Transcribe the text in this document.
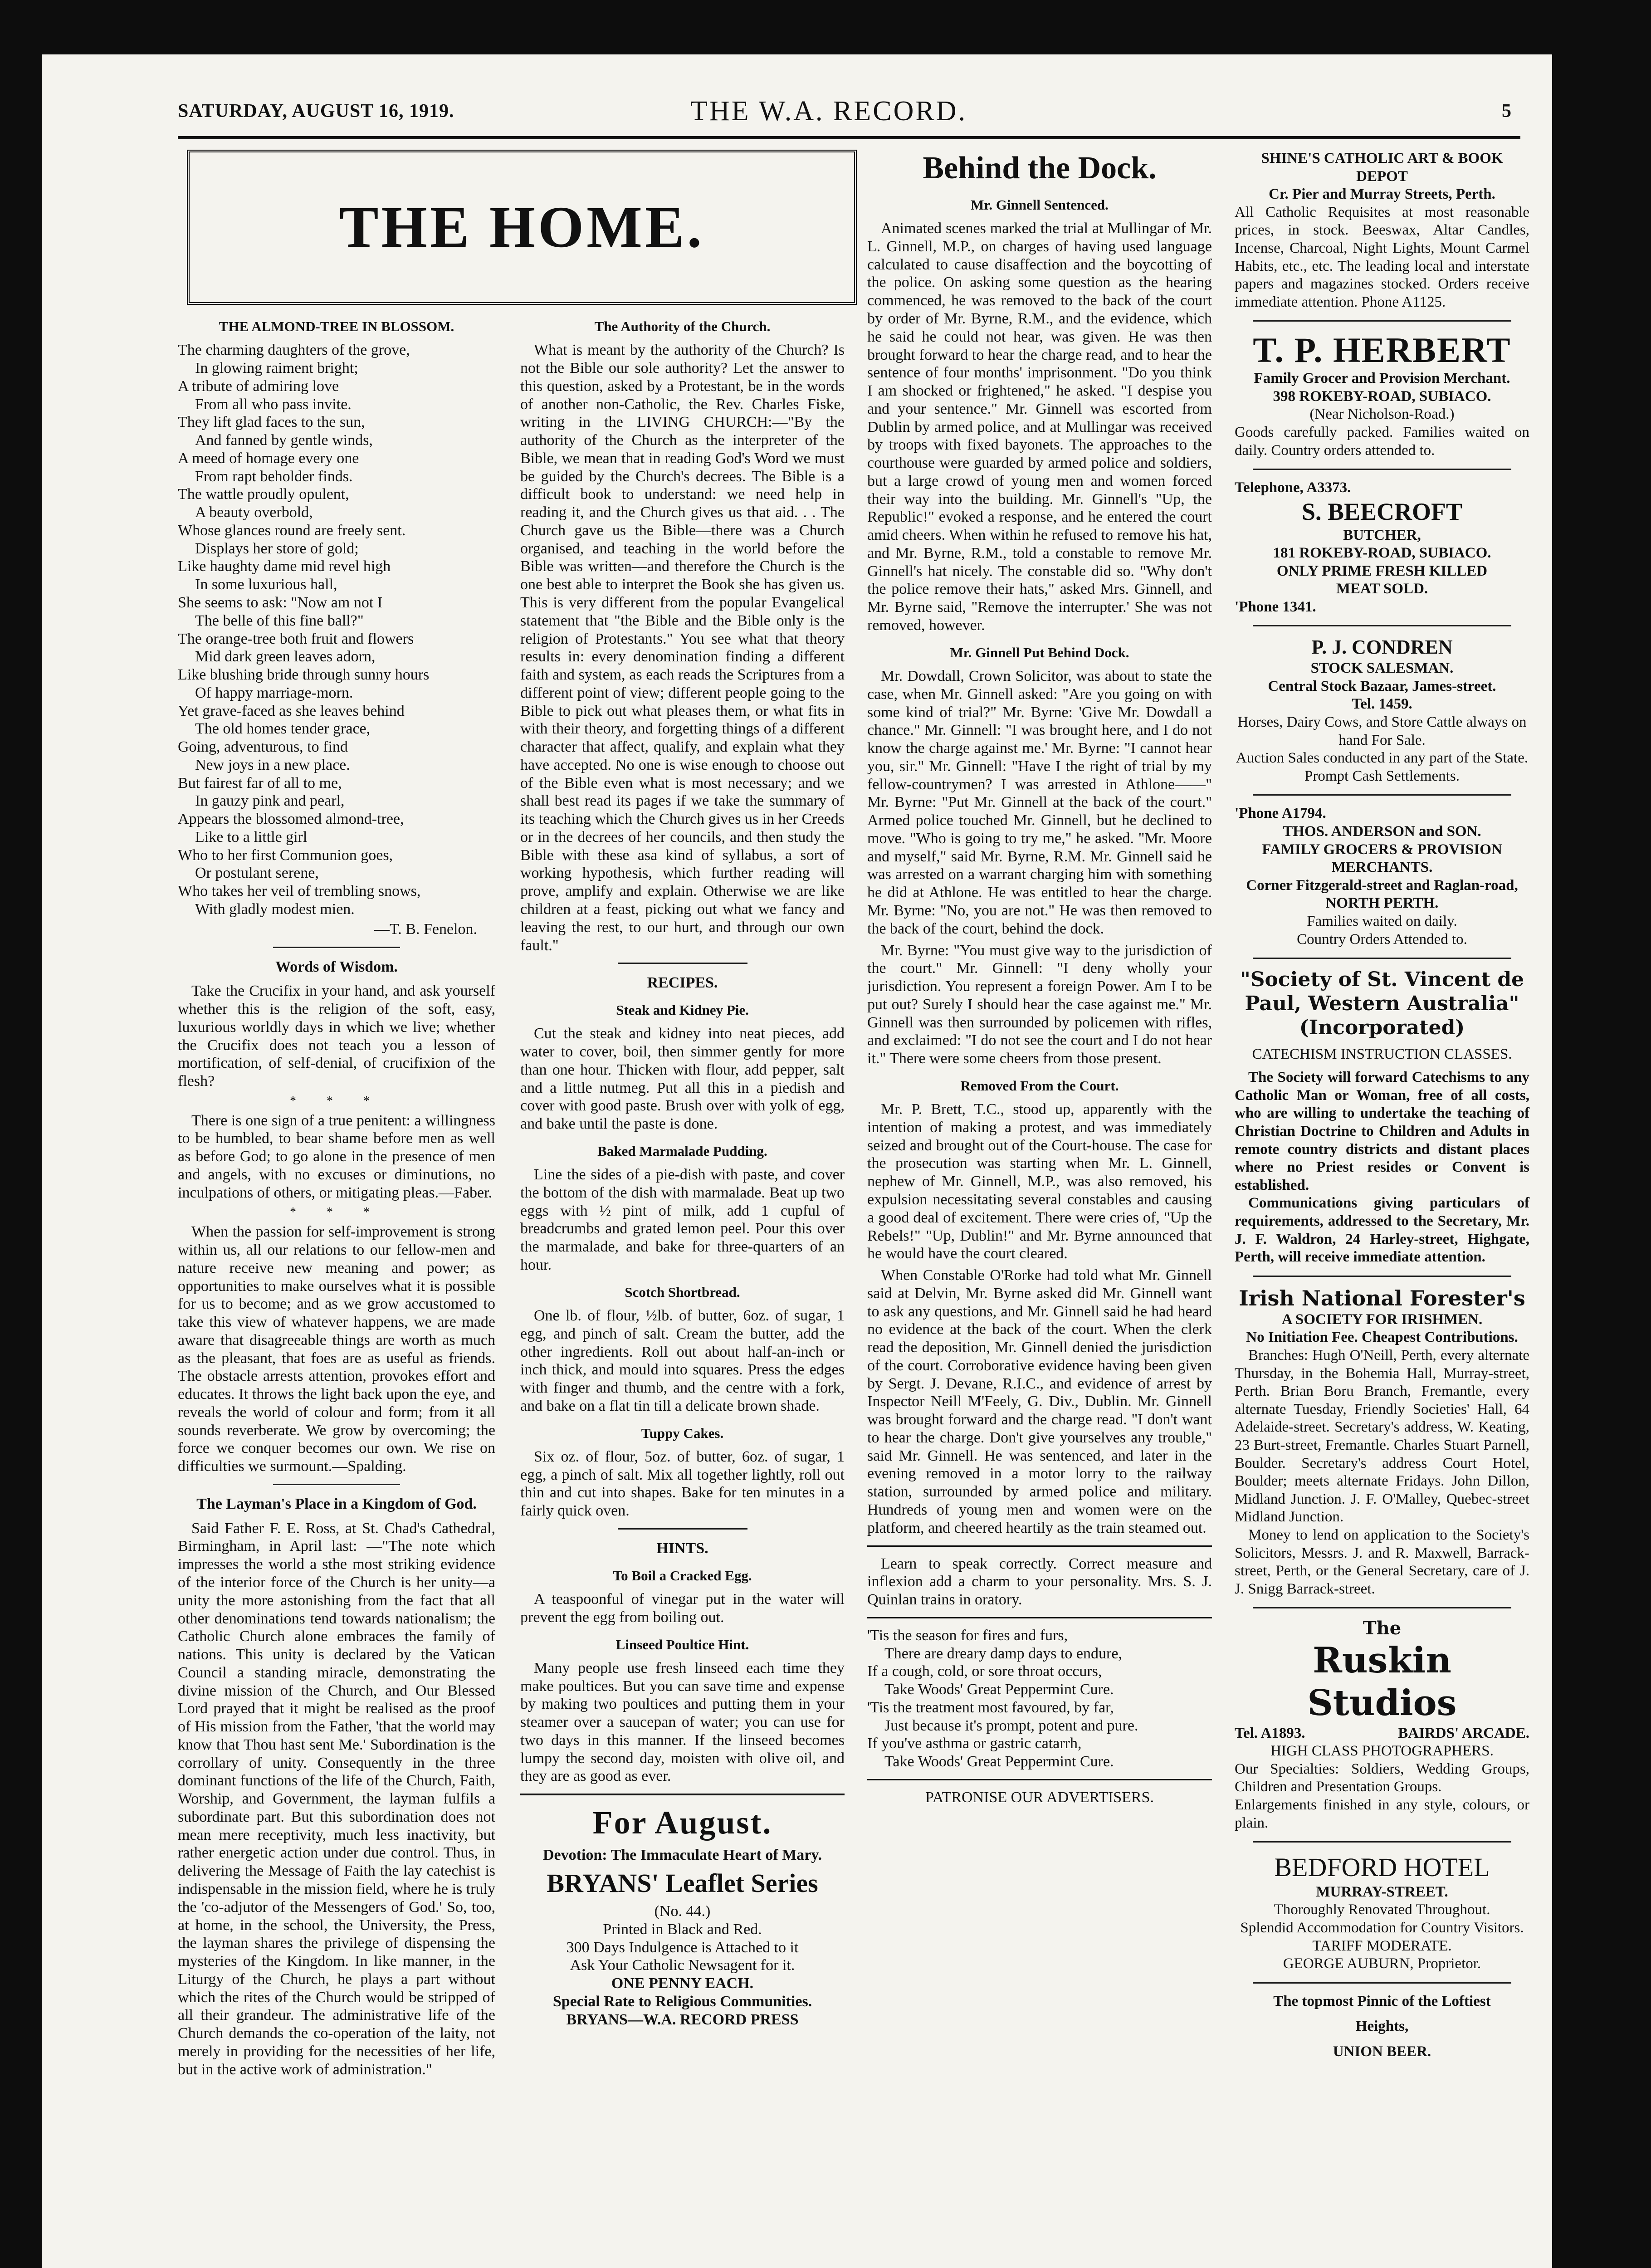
SATURDAY, AUGUST 16, 1919.	THE W.A. RECORD.	5
THE HOME.
THE ALMOND-TREE IN BLOSSOM.
The charming daughters of the grove,
In glowing raiment bright;
A tribute of admiring love
From all who pass invite.
They lift glad faces to the sun,
And fanned by gentle winds,
A meed of homage every one
From rapt beholder finds.
The wattle proudly opulent,
A beauty overbold,
Whose glances round are freely sent.
Displays her store of gold;
Like haughty dame mid revel high
In some luxurious hall,
She seems to ask: "Now am not I
The belle of this fine ball?"
The orange-tree both fruit and flowers
Mid dark green leaves adorn,
Like blushing bride through sunny hours
Of happy marriage-morn.
Yet grave-faced as she leaves behind
The old homes tender grace,
Going, adventurous, to find
New joys in a new place.
But fairest far of all to me,
In gauzy pink and pearl,
Appears the blossomed almond-tree,
Like to a little girl
Who to her first Communion goes,
Or postulant serene,
Who takes her veil of trembling snows,
With gladly modest mien.
—T. B. Fenelon.
Words of Wisdom.

Take the Crucifix in your hand, and ask yourself whether this is the religion of the soft, easy, luxurious worldly days in which we live; whether the Crucifix does not teach you a lesson of mortification, of self-denial, of crucifixion of the flesh?

* * *

There is one sign of a true penitent: a willingness to be humbled, to bear shame before men as well as before God; to go alone in the presence of men and angels, with no excuses or diminutions, no inculpations of others, or mitigating pleas.—Faber.

* * *

When the passion for self-improvement is strong within us, all our relations to our fellow-men and nature receive new meaning and power; as opportunities to make ourselves what it is possible for us to become; and as we grow accustomed to take this view of whatever happens, we are made aware that disagreeable things are worth as much as the pleasant, that foes are as useful as friends. The obstacle arrests attention, provokes effort and educates. It throws the light back upon the eye, and reveals the world of colour and form; from it all sounds reverberate. We grow by overcoming; the force we conquer becomes our own. We rise on difficulties we surmount.—Spalding.

The Layman's Place in a Kingdom of God.

Said Father F. E. Ross, at St. Chad's Cathedral, Birmingham, in April last: —"The note which impresses the world a sthe most striking evidence of the interior force of the Church is her unity—a unity the more astonishing from the fact that all other denominations tend towards nationalism; the Catholic Church alone embraces the family of nations. This unity is declared by the Vatican Council a standing miracle, demonstrating the divine mission of the Church, and Our Blessed Lord prayed that it might be realised as the proof of His mission from the Father, 'that the world may know that Thou hast sent Me.' Subordination is the corrollary of unity. Consequently in the three dominant functions of the life of the Church, Faith, Worship, and Government, the layman fulfils a subordinate part. But this subordination does not mean mere receptivity, much less inactivity, but rather energetic action under due control. Thus, in delivering the Message of Faith the lay catechist is indispensable in the mission field, where he is truly the 'co-adjutor of the Messengers of God.' So, too, at home, in the school, the University, the Press, the layman shares the privilege of dispensing the mysteries of the Kingdom. In like manner, in the Liturgy of the Church, he plays a part without which the rites of the Church would be stripped of all their grandeur. The administrative life of the Church demands the co-operation of the laity, not merely in providing for the necessities of her life, but in the active work of administration."

The Authority of the Church.

What is meant by the authority of the Church? Is not the Bible our sole authority? Let the answer to this question, asked by a Protestant, be in the words of another non-Catholic, the Rev. Charles Fiske, writing in the LIVING CHURCH:—"By the authority of the Church as the interpreter of the Bible, we mean that in reading God's Word we must be guided by the Church's decrees. The Bible is a difficult book to understand: we need help in reading it, and the Church gives us that aid. . . The Church gave us the Bible—there was a Church organised, and teaching in the world before the Bible was written—and therefore the Church is the one best able to interpret the Book she has given us. This is very different from the popular Evangelical statement that "the Bible and the Bible only is the religion of Protestants." You see what that theory results in: every denomination finding a different faith and system, as each reads the Scriptures from a different point of view; different people going to the Bible to pick out what pleases them, or what fits in with their theory, and forgetting things of a different character that affect, qualify, and explain what they have accepted. No one is wise enough to choose out of the Bible even what is most necessary; and we shall best read its pages if we take the summary of its teaching which the Church gives us in her Creeds or in the decrees of her councils, and then study the Bible with these asa kind of syllabus, a sort of working hypothesis, which further reading will prove, amplify and explain. Otherwise we are like children at a feast, picking out what we fancy and leaving the rest, to our hurt, and through our own fault."

RECIPES.
Steak and Kidney Pie.

Cut the steak and kidney into neat pieces, add water to cover, boil, then simmer gently for more than one hour. Thicken with flour, add pepper, salt and a little nutmeg. Put all this in a piedish and cover with good paste. Brush over with yolk of egg, and bake until the paste is done.

Baked Marmalade Pudding.

Line the sides of a pie-dish with paste, and cover the bottom of the dish with marmalade. Beat up two eggs with ½ pint of milk, add 1 cupful of breadcrumbs and grated lemon peel. Pour this over the marmalade, and bake for three-quarters of an hour.

Scotch Shortbread.

One lb. of flour, ½lb. of butter, 6oz. of sugar, 1 egg, and pinch of salt. Cream the butter, add the other ingredients. Roll out about half-an-inch or inch thick, and mould into squares. Press the edges with finger and thumb, and the centre with a fork, and bake on a flat tin till a delicate brown shade.

Tuppy Cakes.

Six oz. of flour, 5oz. of butter, 6oz. of sugar, 1 egg, a pinch of salt. Mix all together lightly, roll out thin and cut into shapes. Bake for ten minutes in a fairly quick oven.

HINTS.
To Boil a Cracked Egg.

A teaspoonful of vinegar put in the water will prevent the egg from boiling out.

Linseed Poultice Hint.

Many people use fresh linseed each time they make poultices. But you can save time and expense by making two poultices and putting them in your steamer over a saucepan of water; you can use for two days in this manner. If the linseed becomes lumpy the second day, moisten with olive oil, and they are as good as ever.

For August.
Devotion: The Immaculate Heart of Mary.
BRYANS' Leaflet Series
(No. 44.)
Printed in Black and Red.
300 Days Indulgence is Attached to it
Ask Your Catholic Newsagent for it.
ONE PENNY EACH.
Special Rate to Religious Communities.
BRYANS—W.A. RECORD PRESS
Behind the Dock.
Mr. Ginnell Sentenced.

Animated scenes marked the trial at Mullingar of Mr. L. Ginnell, M.P., on charges of having used language calculated to cause disaffection and the boycotting of the police. On asking some question as the hearing commenced, he was removed to the back of the court by order of Mr. Byrne, R.M., and the evidence, which he said he could not hear, was given. He was then brought forward to hear the charge read, and to hear the sentence of four months' imprisonment. "Do you think I am shocked or frightened," he asked. "I despise you and your sentence." Mr. Ginnell was escorted from Dublin by armed police, and at Mullingar was received by troops with fixed bayonets. The approaches to the courthouse were guarded by armed police and soldiers, but a large crowd of young men and women forced their way into the building. Mr. Ginnell's "Up, the Republic!" evoked a response, and he entered the court amid cheers. When within he refused to remove his hat, and Mr. Byrne, R.M., told a constable to remove Mr. Ginnell's hat nicely. The constable did so. "Why don't the police remove their hats," asked Mrs. Ginnell, and Mr. Byrne said, "Remove the interrupter.' She was not removed, however.

Mr. Ginnell Put Behind Dock.

Mr. Dowdall, Crown Solicitor, was about to state the case, when Mr. Ginnell asked: "Are you going on with some kind of trial?" Mr. Byrne: 'Give Mr. Dowdall a chance." Mr. Ginnell: "I was brought here, and I do not know the charge against me.' Mr. Byrne: "I cannot hear you, sir." Mr. Ginnell: "Have I the right of trial by my fellow-countrymen? I was arrested in Athlone——" Mr. Byrne: "Put Mr. Ginnell at the back of the court." Armed police touched Mr. Ginnell, but he declined to move. "Who is going to try me," he asked. "Mr. Moore and myself," said Mr. Byrne, R.M. Mr. Ginnell said he was arrested on a warrant charging him with something he did at Athlone. He was entitled to hear the charge. Mr. Byrne: "No, you are not." He was then removed to the back of the court, behind the dock.

Mr. Byrne: "You must give way to the jurisdiction of the court." Mr. Ginnell: "I deny wholly your jurisdiction. You represent a foreign Power. Am I to be put out? Surely I should hear the case against me." Mr. Ginnell was then surrounded by policemen with rifles, and exclaimed: "I do not see the court and I do not hear it." There were some cheers from those present.

Removed From the Court.

Mr. P. Brett, T.C., stood up, apparently with the intention of making a protest, and was immediately seized and brought out of the Court-house. The case for the prosecution was starting when Mr. L. Ginnell, nephew of Mr. Ginnell, M.P., was also removed, his expulsion necessitating several constables and causing a good deal of excitement. There were cries of, "Up the Rebels!" "Up, Dublin!" and Mr. Byrne announced that he would have the court cleared.

When Constable O'Rorke had told what Mr. Ginnell said at Delvin, Mr. Byrne asked did Mr. Ginnell want to ask any questions, and Mr. Ginnell said he had heard no evidence at the back of the court. When the clerk read the deposition, Mr. Ginnell denied the jurisdiction of the court. Corroborative evidence having been given by Sergt. J. Devane, R.I.C., and evidence of arrest by Inspector Neill M'Feely, G. Div., Dublin. Mr. Ginnell was brought forward and the charge read. "I don't want to hear the charge. Don't give yourselves any trouble," said Mr. Ginnell. He was sentenced, and later in the evening removed in a motor lorry to the railway station, surrounded by armed police and military. Hundreds of young men and women were on the platform, and cheered heartily as the train steamed out.

Learn to speak correctly. Correct measure and inflexion add a charm to your personality. Mrs. S. J. Quinlan trains in oratory.

'Tis the season for fires and furs,
There are dreary damp days to endure,
If a cough, cold, or sore throat occurs,
Take Woods' Great Peppermint Cure.
'Tis the treatment most favoured, by far,
Just because it's prompt, potent and pure.
If you've asthma or gastric catarrh,
Take Woods' Great Peppermint Cure.
PATRONISE OUR ADVERTISERS.
SHINE'S CATHOLIC ART & BOOK DEPOT
Cr. Pier and Murray Streets, Perth.
All Catholic Requisites at most reasonable prices, in stock. Beeswax, Altar Candles, Incense, Charcoal, Night Lights, Mount Carmel Habits, etc., etc. The leading local and interstate papers and magazines stocked. Orders receive immediate attention. Phone A1125.
T. P. HERBERT
Family Grocer and Provision Merchant.
398 ROKEBY-ROAD, SUBIACO.
(Near Nicholson-Road.)
Goods carefully packed. Families waited on daily. Country orders attended to.
Telephone, A3373.
S. BEECROFT
BUTCHER,
181 ROKEBY-ROAD, SUBIACO.
ONLY PRIME FRESH KILLED
MEAT SOLD.
'Phone 1341.
P. J. CONDREN
STOCK SALESMAN.
Central Stock Bazaar, James-street.
Tel. 1459.
Horses, Dairy Cows, and Store Cattle always on hand For Sale.
Auction Sales conducted in any part of the State.
Prompt Cash Settlements.
'Phone A1794.
THOS. ANDERSON and SON.
FAMILY GROCERS & PROVISION MERCHANTS.
Corner Fitzgerald-street and Raglan-road, NORTH PERTH.
Families waited on daily.
Country Orders Attended to.
"Society of St. Vincent de Paul, Western Australia" (Incorporated)
CATECHISM INSTRUCTION CLASSES.
The Society will forward Catechisms to any Catholic Man or Woman, free of all costs, who are willing to undertake the teaching of Christian Doctrine to Children and Adults in remote country districts and distant places where no Priest resides or Convent is established.
Communications giving particulars of requirements, addressed to the Secretary, Mr. J. F. Waldron, 24 Harley-street, Highgate, Perth, will receive immediate attention.
Irish National Forester's
A SOCIETY FOR IRISHMEN.
No Initiation Fee. Cheapest Contributions.
Branches: Hugh O'Neill, Perth, every alternate Thursday, in the Bohemia Hall, Murray-street, Perth. Brian Boru Branch, Fremantle, every alternate Tuesday, Friendly Societies' Hall, 64 Adelaide-street. Secretary's address, W. Keating, 23 Burt-street, Fremantle. Charles Stuart Parnell, Boulder. Secretary's address Court Hotel, Boulder; meets alternate Fridays. John Dillon, Midland Junction. J. F. O'Malley, Quebec-street Midland Junction.
Money to lend on application to the Society's Solicitors, Messrs. J. and R. Maxwell, Barrack-street, Perth, or the General Secretary, care of J. J. Snigg Barrack-street.
The
Ruskin Studios
Tel. A1893.	BAIRDS' ARCADE.
HIGH CLASS PHOTOGRAPHERS.
Our Specialties: Soldiers, Wedding Groups, Children and Presentation Groups.
Enlargements finished in any style, colours, or plain.
BEDFORD HOTEL
MURRAY-STREET.
Thoroughly Renovated Throughout.
Splendid Accommodation for Country Visitors.
TARIFF MODERATE.
GEORGE AUBURN, Proprietor.
The topmost Pinnic of the Loftiest
Heights,
UNION BEER.
